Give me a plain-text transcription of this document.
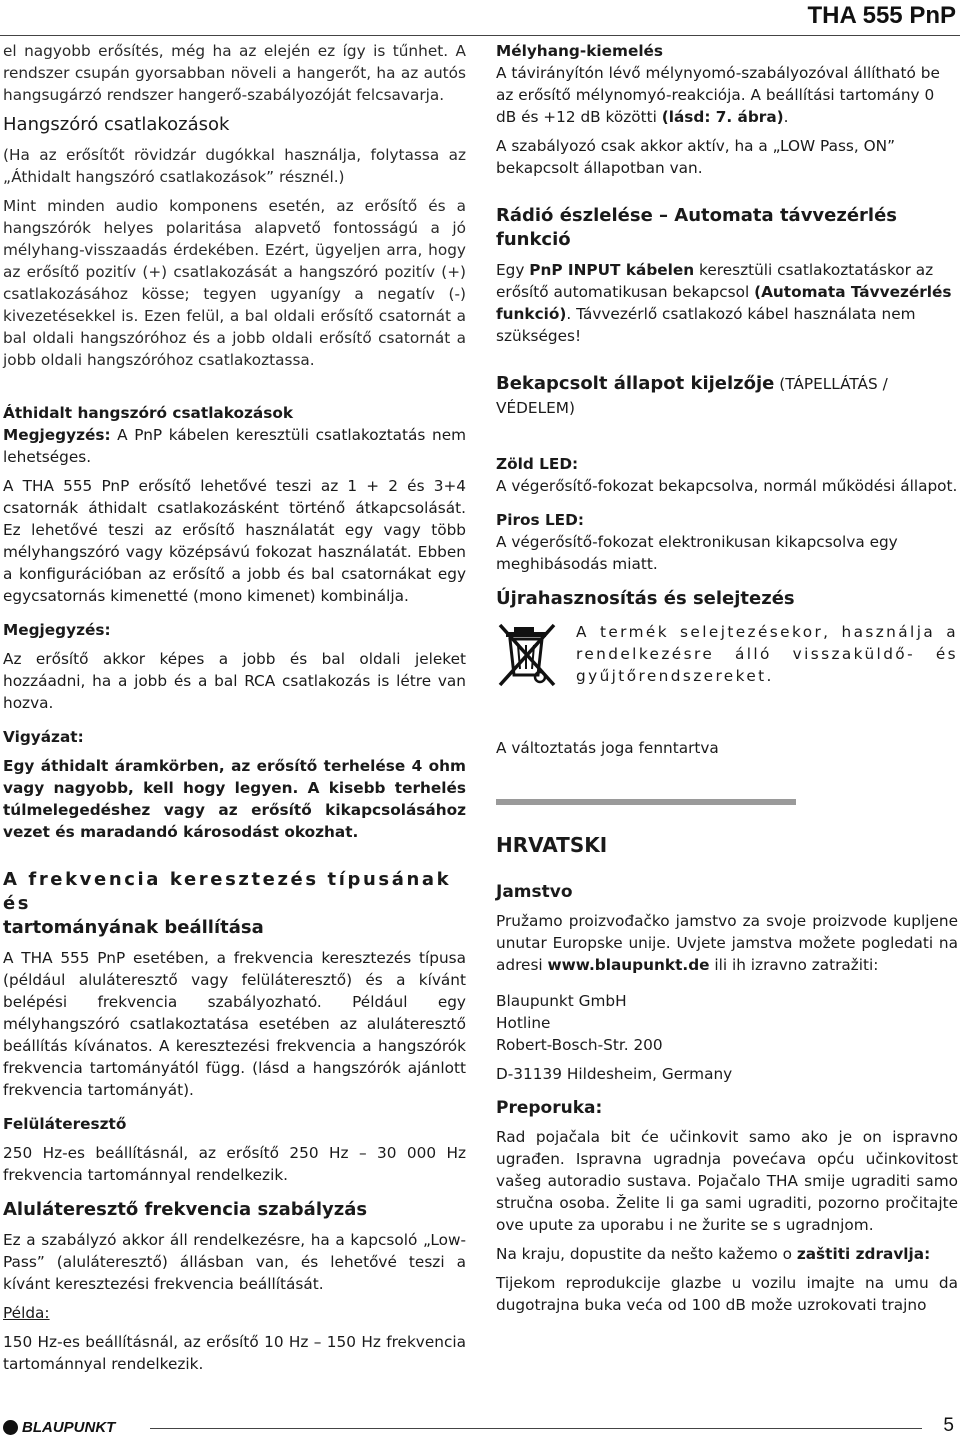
THA 555 PnP

el nagyobb erősítés, még ha az elején ez így is tűnhet. A rendszer csupán gyorsabban növeli a hangerőt, ha az autós hangsugárzó rendszer hangerő-szabályozóját felcsavarja.

Hangszóró csatlakozások

(Ha az erősítőt rövidzár dugókkal használja, folytassa az „Áthidalt hangszóró csatlakozások” résznél.)

Mint minden audio komponens esetén, az erősítő és a hangszórók helyes polaritása alapvető fontosságú a jó mélyhang-visszaadás érdekében. Ezért, ügyeljen arra, hogy az erősítő pozitív (+) csatlakozását a hangszóró pozitív (+) csatlakozásához kösse; tegyen ugyanígy a negatív (-) kivezetésekkel is. Ezen felül, a bal oldali erősítő csatornát a bal oldali hangszóróhoz és a jobb oldali erősítő csatornát a jobb oldali hangszóróhoz csatlakoztassa.

Áthidalt hangszóró csatlakozások

Megjegyzés: A PnP kábelen keresztüli csatlakoztatás nem lehetséges.

A THA 555 PnP erősítő lehetővé teszi az 1 + 2 és 3+4 csatornák áthidalt csatlakozásként történő átkapcsolását. Ez lehetővé teszi az erősítő használatát egy vagy több mélyhangszóró vagy középsávú fokozat használatát. Ebben a konfigurációban az erősítő a jobb és bal csatornákat egy egycsatornás kimenetté (mono kimenet) kombinálja.

Megjegyzés:

Az erősítő akkor képes a jobb és bal oldali jeleket hozzáadni, ha a jobb és a bal RCA csatlakozás is létre van hozva.

Vigyázat:

Egy áthidalt áramkörben, az erősítő terhelése 4 ohm vagy nagyobb, kell hogy legyen. A kisebb terhelés túlmelegedéshez vagy az erősítő kikapcsolásához vezet és maradandó károsodást okozhat.

A frekvencia keresztezés típusának és
tartományának beállítása

A THA 555 PnP esetében, a frekvencia keresztezés típusa (például aluláteresztő vagy felüláteresztő) és a kívánt belépési frekvencia szabályozható. Például egy mélyhangszóró csatlakoztatása esetében az aluláteresztő beállítás kívánatos. A keresztezési frekvencia a hangszórók frekvencia tartományától függ. (lásd a hangszórók ajánlott frekvencia tartományát).

Felüláteresztő

250 Hz-es beállításnál, az erősítő 250 Hz – 30 000 Hz frekvencia tartománnyal rendelkezik.

Aluláteresztő frekvencia szabályzás

Ez a szabályzó akkor áll rendelkezésre, ha a kapcsoló „Low-Pass” (aluláteresztő) állásban van, és lehetővé teszi a kívánt keresztezési frekvencia beállítását.

Példa:

150 Hz-es beállításnál, az erősítő 10 Hz – 150 Hz frekvencia tartománnyal rendelkezik.

Mélyhang-kiemelés

A távirányítón lévő mélynyomó-szabályozóval állítható be az erősítő mélynomyó-reakciója. A beállítási tartomány 0 dB és +12 dB közötti (lásd: 7. ábra).

A szabályozó csak akkor aktív, ha a „LOW Pass, ON” bekapcsolt állapotban van.

Rádió észlelése – Automata távvezérlés funkció

Egy PnP INPUT kábelen keresztüli csatlakoztatáskor az erősítő automatikusan bekapcsol (Automata Távvezérlés funkció). Távvezérlő csatlakozó kábel használata nem szükséges!

Bekapcsolt állapot kijelzője (TÁPELLÁTÁS / VÉDELEM)
Zöld LED:

A végerősítő-fokozat bekapcsolva, normál működési állapot.

Piros LED:

A végerősítő-fokozat elektronikusan kikapcsolva egy meghibásodás miatt.

Újrahasznosítás és selejtezés

A termék selejtezésekor, használja a rendelkezésre álló visszaküldő- és gyűjtőrendszereket.

A változtatás joga fenntartva

HRVATSKI
Jamstvo

Pružamo proizvođačko jamstvo za svoje proizvode kupljene unutar Europske unije. Uvjete jamstva možete pogledati na adresi www.blaupunkt.de ili ih izravno zatražiti:

Blaupunkt GmbH

Hotline

Robert-Bosch-Str. 200

D-31139 Hildesheim, Germany

Preporuka:

Rad pojačala bit će učinkovit samo ako je on ispravno ugrađen. Ispravna ugradnja povećava opću učinkovitost vašeg autoradio sustava. Pojačalo THA smije ugraditi samo stručna osoba. Želite li ga sami ugraditi, pozorno pročitajte ove upute za uporabu i ne žurite se s ugradnjom.

Na kraju, dopustite da nešto kažemo o zaštiti zdravlja:

Tijekom reprodukcije glazbe u vozilu imajte na umu da dugotrajna buka veća od 100 dB može uzrokovati trajno

BLAUPUNKT	5
